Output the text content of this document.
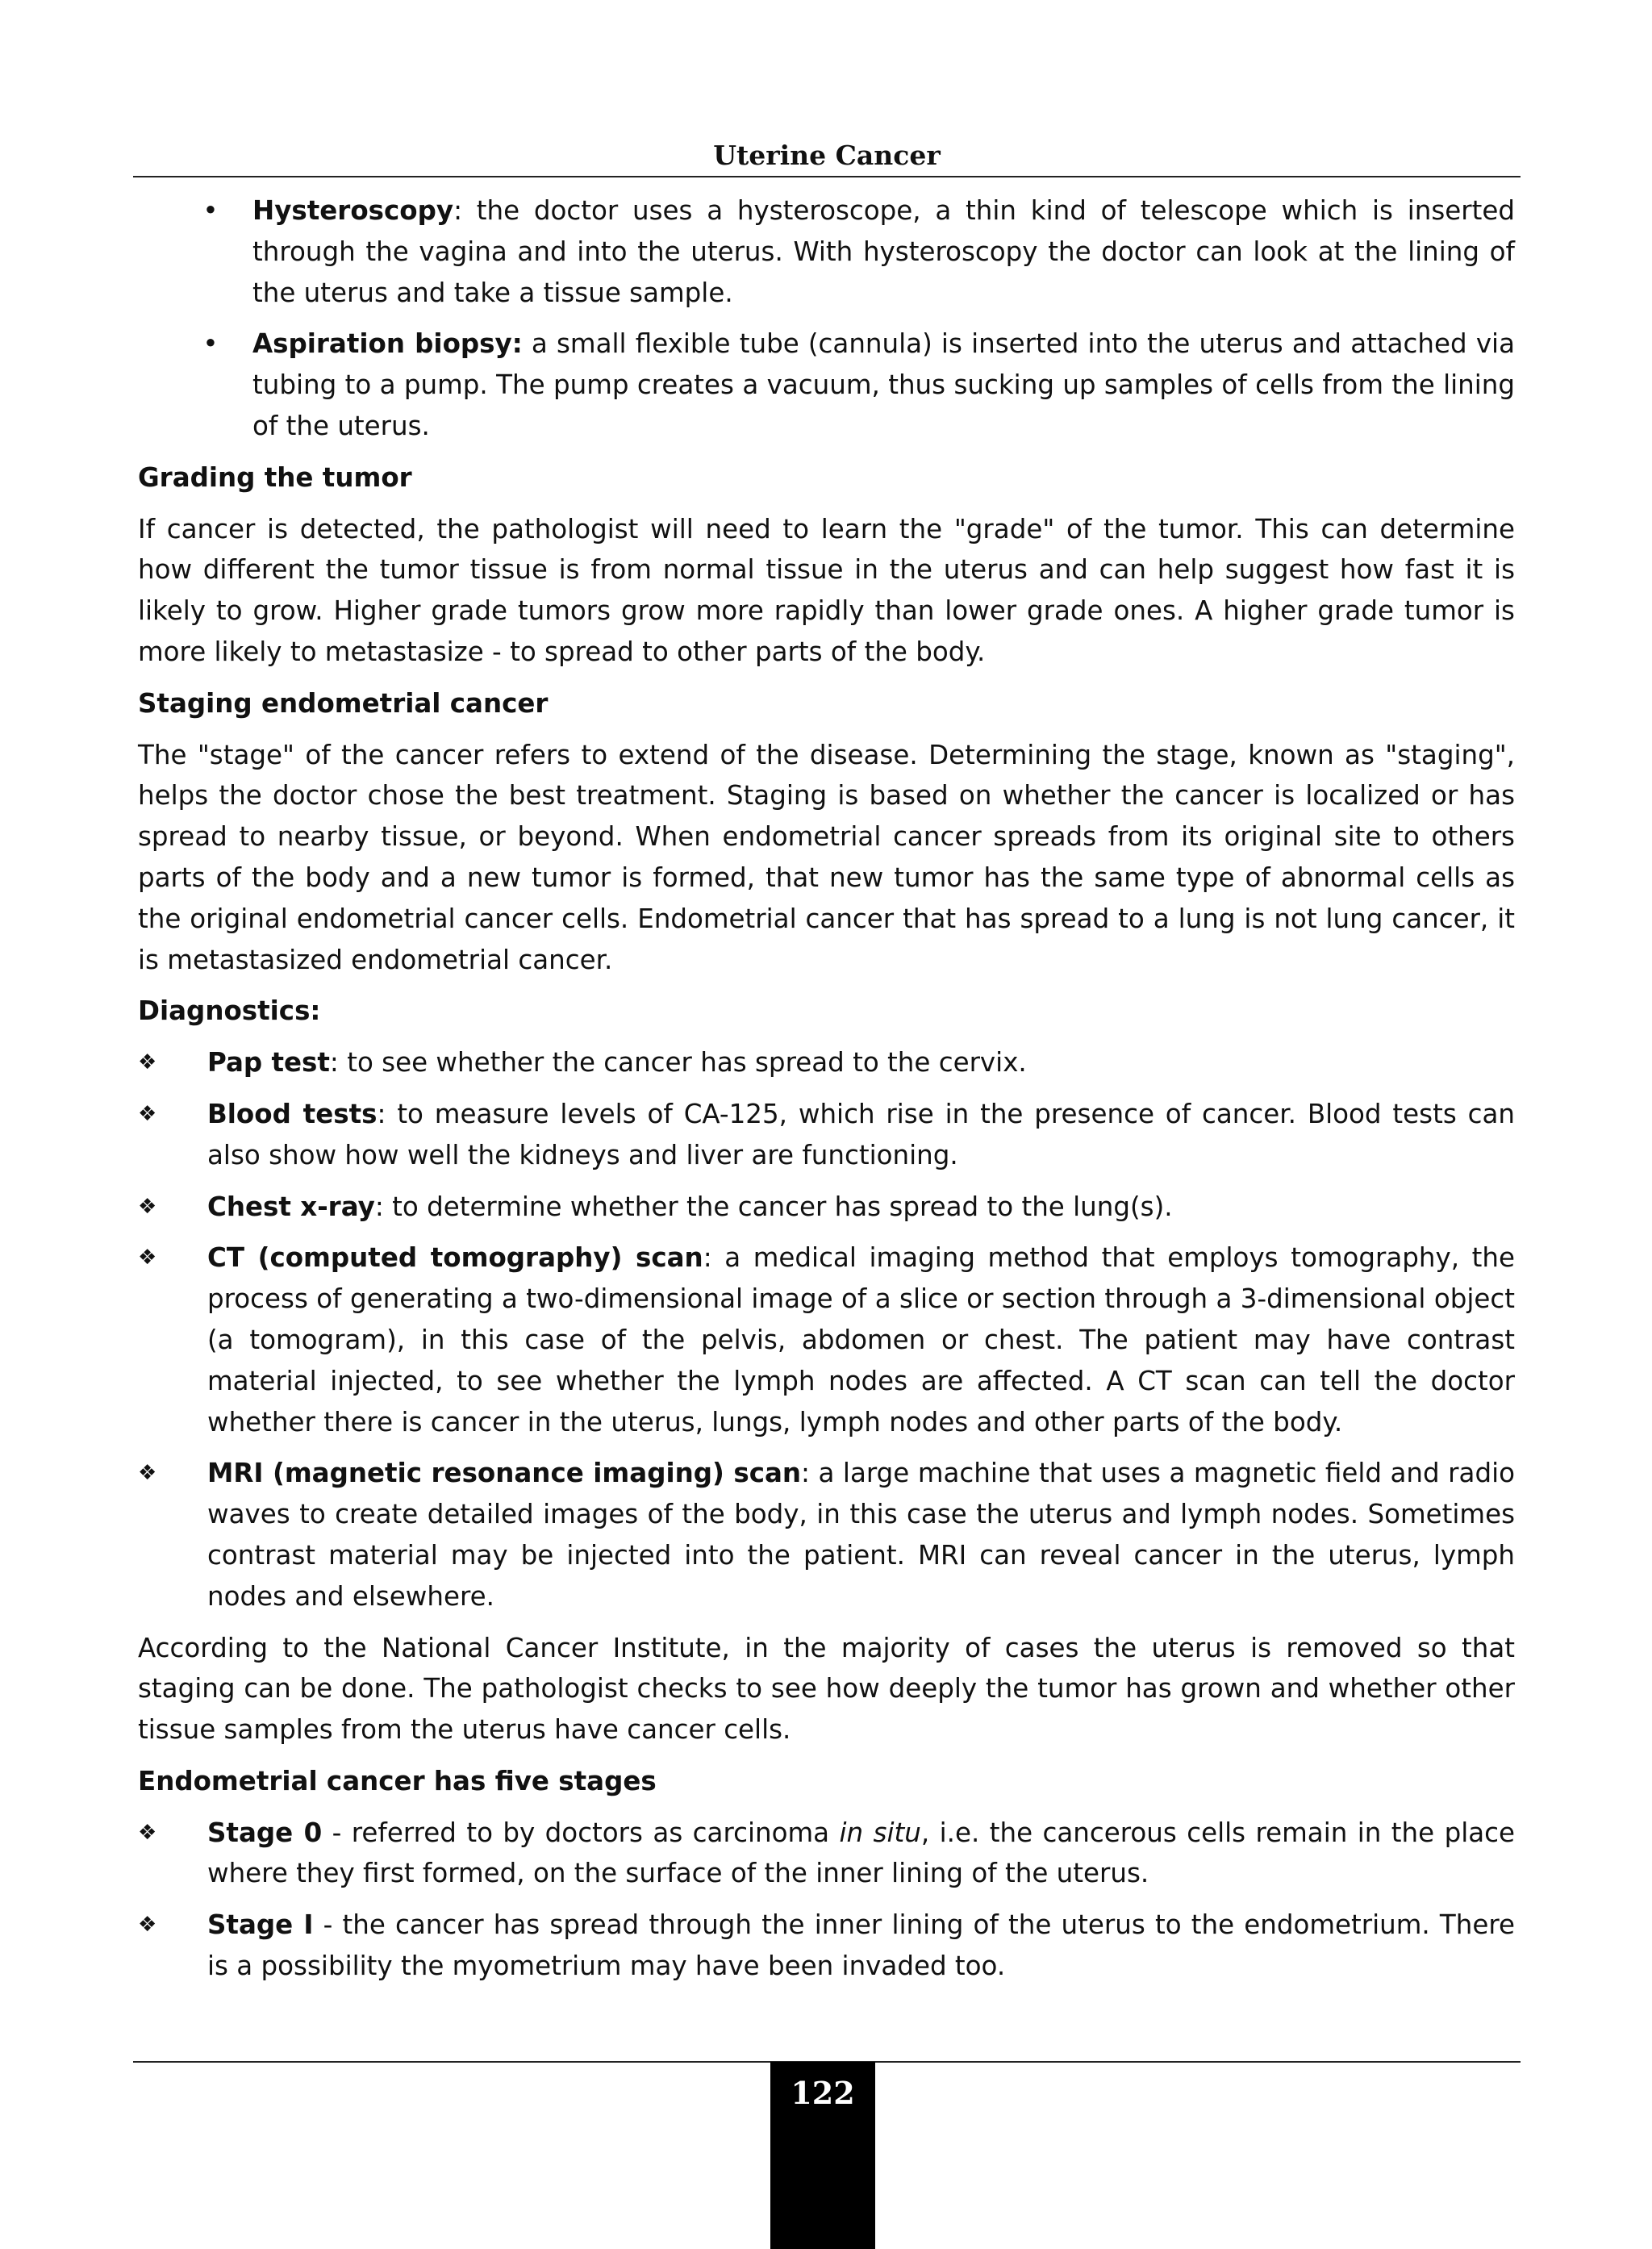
Uterine Cancer
• Hysteroscopy: the doctor uses a hysteroscope, a thin kind of telescope which is inserted through the vagina and into the uterus. With hysteroscopy the doctor can look at the lining of the uterus and take a tissue sample.
• Aspiration biopsy: a small flexible tube (cannula) is inserted into the uterus and attached via tubing to a pump. The pump creates a vacuum, thus sucking up samples of cells from the lining of the uterus.

Grading the tumor

If cancer is detected, the pathologist will need to learn the "grade" of the tumor. This can determine how different the tumor tissue is from normal tissue in the uterus and can help suggest how fast it is likely to grow. Higher grade tumors grow more rapidly than lower grade ones. A higher grade tumor is more likely to metastasize - to spread to other parts of the body.

Staging endometrial cancer

The "stage" of the cancer refers to extend of the disease. Determining the stage, known as "staging", helps the doctor chose the best treatment. Staging is based on whether the cancer is localized or has spread to nearby tissue, or beyond. When endometrial cancer spreads from its original site to others parts of the body and a new tumor is formed, that new tumor has the same type of abnormal cells as the original endometrial cancer cells. Endometrial cancer that has spread to a lung is not lung cancer, it is metastasized endometrial cancer.

Diagnostics:

❖ Pap test: to see whether the cancer has spread to the cervix.
❖ Blood tests: to measure levels of CA-125, which rise in the presence of cancer. Blood tests can also show how well the kidneys and liver are functioning.
❖ Chest x-ray: to determine whether the cancer has spread to the lung(s).
❖ CT (computed tomography) scan: a medical imaging method that employs tomography, the process of generating a two-dimensional image of a slice or section through a 3-dimensional object (a tomogram), in this case of the pelvis, abdomen or chest. The patient may have contrast material injected, to see whether the lymph nodes are affected. A CT scan can tell the doctor whether there is cancer in the uterus, lungs, lymph nodes and other parts of the body.
❖ MRI (magnetic resonance imaging) scan: a large machine that uses a magnetic field and radio waves to create detailed images of the body, in this case the uterus and lymph nodes. Sometimes contrast material may be injected into the patient. MRI can reveal cancer in the uterus, lymph nodes and elsewhere.

According to the National Cancer Institute, in the majority of cases the uterus is removed so that staging can be done. The pathologist checks to see how deeply the tumor has grown and whether other tissue samples from the uterus have cancer cells.

Endometrial cancer has five stages

❖ Stage 0 - referred to by doctors as carcinoma in situ, i.e. the cancerous cells remain in the place where they first formed, on the surface of the inner lining of the uterus.
❖ Stage I - the cancer has spread through the inner lining of the uterus to the endometrium. There is a possibility the myometrium may have been invaded too.
122
